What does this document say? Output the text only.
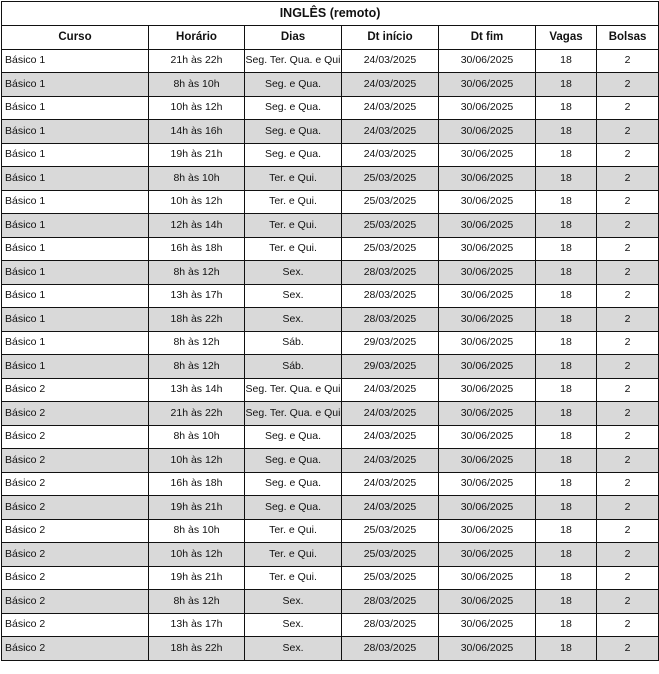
INGLÊS (remoto)						
Curso	Horário	Dias	Dt início	Dt fim	Vagas	Bolsas
Básico 1	21h às 22h	Seg. Ter. Qua. e Qui	24/03/2025	30/06/2025	18	2
Básico 1	8h às 10h	Seg. e Qua.	24/03/2025	30/06/2025	18	2
Básico 1	10h às 12h	Seg. e Qua.	24/03/2025	30/06/2025	18	2
Básico 1	14h às 16h	Seg. e Qua.	24/03/2025	30/06/2025	18	2
Básico 1	19h às 21h	Seg. e Qua.	24/03/2025	30/06/2025	18	2
Básico 1	8h às 10h	Ter. e Qui.	25/03/2025	30/06/2025	18	2
Básico 1	10h às 12h	Ter. e Qui.	25/03/2025	30/06/2025	18	2
Básico 1	12h às 14h	Ter. e Qui.	25/03/2025	30/06/2025	18	2
Básico 1	16h às 18h	Ter. e Qui.	25/03/2025	30/06/2025	18	2
Básico 1	8h às 12h	Sex.	28/03/2025	30/06/2025	18	2
Básico 1	13h às 17h	Sex.	28/03/2025	30/06/2025	18	2
Básico 1	18h às 22h	Sex.	28/03/2025	30/06/2025	18	2
Básico 1	8h às 12h	Sáb.	29/03/2025	30/06/2025	18	2
Básico 1	8h às 12h	Sáb.	29/03/2025	30/06/2025	18	2
Básico 2	13h às 14h	Seg. Ter. Qua. e Qui	24/03/2025	30/06/2025	18	2
Básico 2	21h às 22h	Seg. Ter. Qua. e Qui	24/03/2025	30/06/2025	18	2
Básico 2	8h às 10h	Seg. e Qua.	24/03/2025	30/06/2025	18	2
Básico 2	10h às 12h	Seg. e Qua.	24/03/2025	30/06/2025	18	2
Básico 2	16h às 18h	Seg. e Qua.	24/03/2025	30/06/2025	18	2
Básico 2	19h às 21h	Seg. e Qua.	24/03/2025	30/06/2025	18	2
Básico 2	8h às 10h	Ter. e Qui.	25/03/2025	30/06/2025	18	2
Básico 2	10h às 12h	Ter. e Qui.	25/03/2025	30/06/2025	18	2
Básico 2	19h às 21h	Ter. e Qui.	25/03/2025	30/06/2025	18	2
Básico 2	8h às 12h	Sex.	28/03/2025	30/06/2025	18	2
Básico 2	13h às 17h	Sex.	28/03/2025	30/06/2025	18	2
Básico 2	18h às 22h	Sex.	28/03/2025	30/06/2025	18	2
